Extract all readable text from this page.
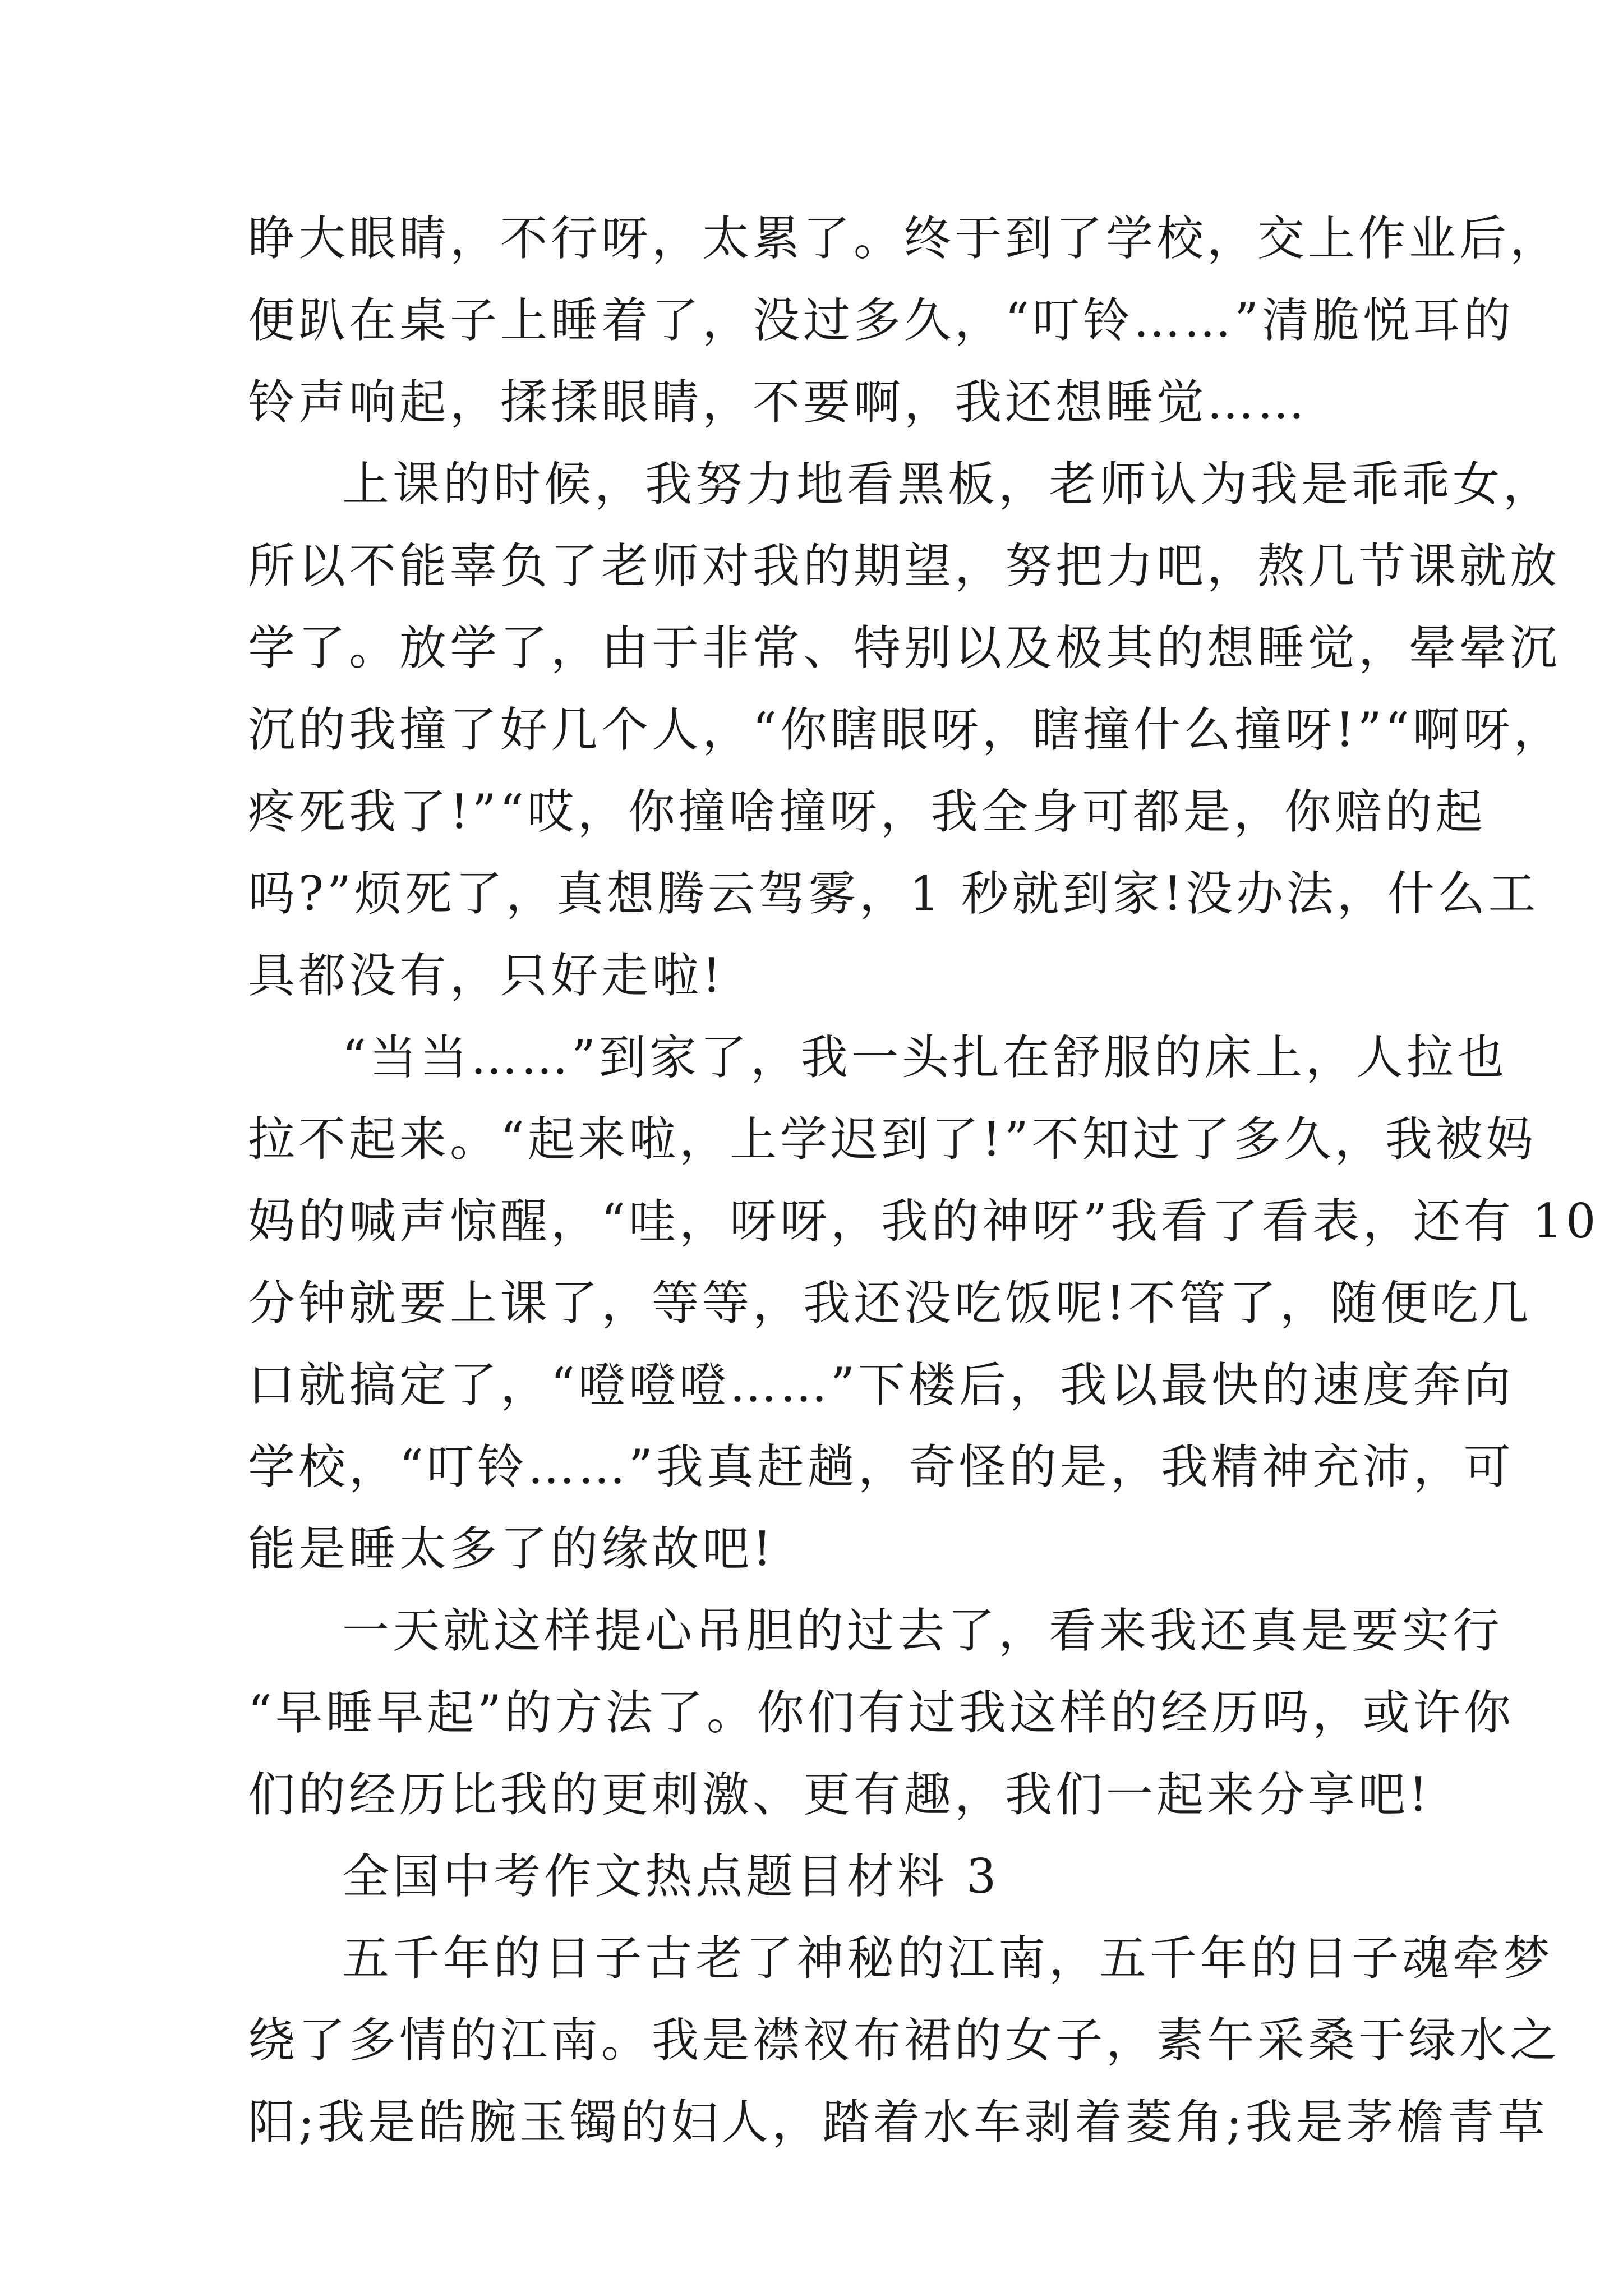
睁大眼睛，不行呀，太累了。终于到了学校，交上作业后，
便趴在桌子上睡着了，没过多久，“叮铃……”清脆悦耳的
铃声响起，揉揉眼睛，不要啊，我还想睡觉……
上课的时候，我努力地看黑板，老师认为我是乖乖女，
所以不能辜负了老师对我的期望，努把力吧，熬几节课就放
学了。放学了，由于非常、特别以及极其的想睡觉，晕晕沉
沉的我撞了好几个人，“你瞎眼呀，瞎撞什么撞呀!”“啊呀，
疼死我了!”“哎，你撞啥撞呀，我全身可都是，你赔的起
吗?”烦死了，真想腾云驾雾，1 秒就到家!没办法，什么工
具都没有，只好走啦!
“当当……”到家了，我一头扎在舒服的床上，人拉也
拉不起来。“起来啦，上学迟到了!”不知过了多久，我被妈
妈的喊声惊醒，“哇，呀呀，我的神呀”我看了看表，还有 10
分钟就要上课了，等等，我还没吃饭呢!不管了，随便吃几
口就搞定了，“噔噔噔……”下楼后，我以最快的速度奔向
学校，“叮铃……”我真赶趟，奇怪的是，我精神充沛，可
能是睡太多了的缘故吧!
一天就这样提心吊胆的过去了，看来我还真是要实行
“早睡早起”的方法了。你们有过我这样的经历吗，或许你
们的经历比我的更刺激、更有趣，我们一起来分享吧!
全国中考作文热点题目材料 3
五千年的日子古老了神秘的江南，五千年的日子魂牵梦
绕了多情的江南。我是襟衩布裙的女子，素午采桑于绿水之
阳;我是皓腕玉镯的妇人，踏着水车剥着菱角;我是茅檐青草
